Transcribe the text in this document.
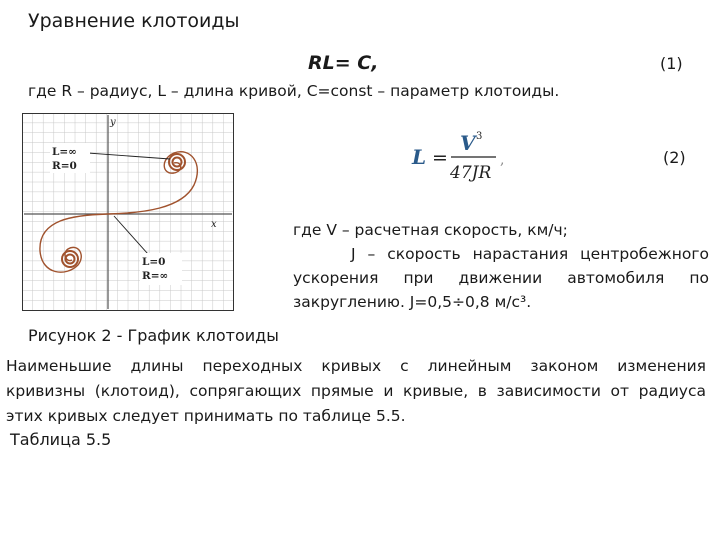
Уравнение клотоиды
RL= C,	(1)
где R – радиус, L – длина кривой, C=const – параметр клотоиды.
y
x
L=∞
R=0
L=0
R=∞
L =
V 3
47JR
,	(2)
где V – расчетная скорость, км/ч;
J – скорость нарастания центробежного
ускорения при движении автомобиля по
закруглению. J=0,5÷0,8 м/с³.
Рисунок 2 - График клотоиды
Наименьшие длины переходных кривых с линейным законом изменения
кривизны (клотоид), сопрягающих прямые и кривые, в зависимости от радиуса
этих кривых следует принимать по таблице 5.5.
Таблица 5.5
